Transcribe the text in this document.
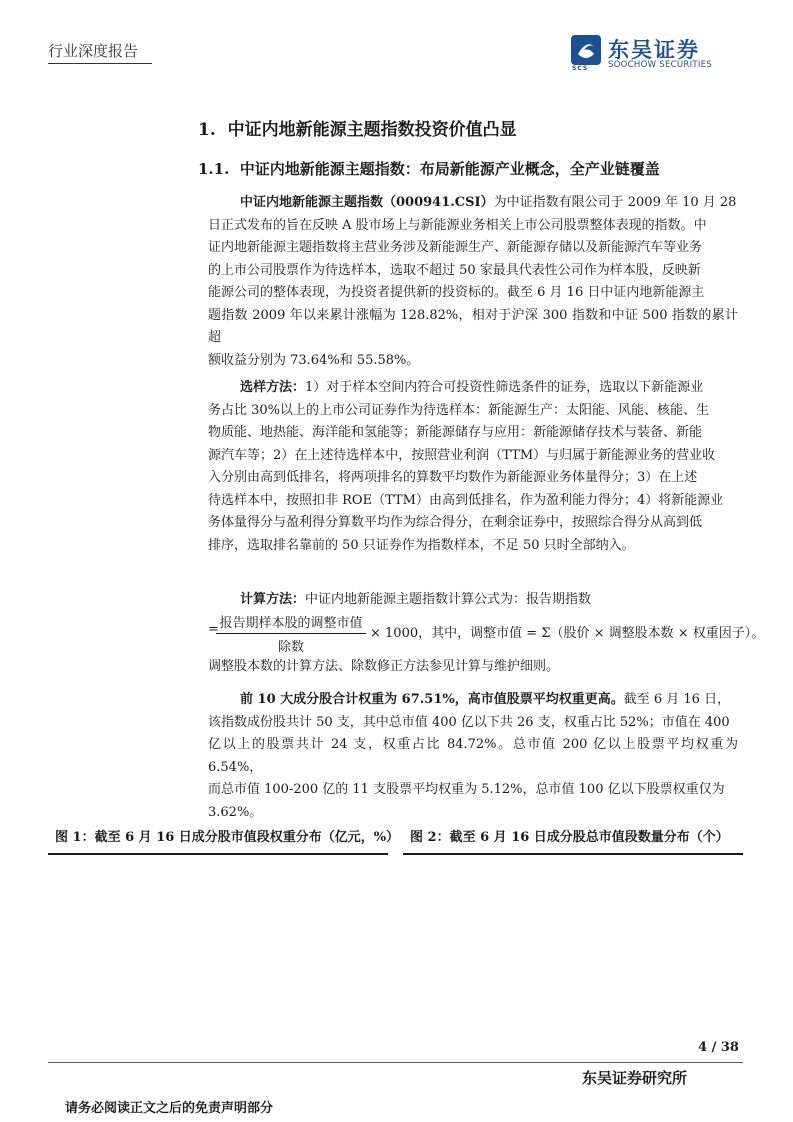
行业深度报告	东吴证券
SOOCHOW SECURITIES
SCS
1. 中证内地新能源主题指数投资价值凸显
1.1. 中证内地新能源主题指数：布局新能源产业概念，全产业链覆盖
中证内地新能源主题指数（000941.CSI）为中证指数有限公司于 2009 年 10 月 28
日正式发布的旨在反映 A 股市场上与新能源业务相关上市公司股票整体表现的指数。中
证内地新能源主题指数将主营业务涉及新能源生产、新能源存储以及新能源汽车等业务
的上市公司股票作为待选样本，选取不超过 50 家最具代表性公司作为样本股，反映新
能源公司的整体表现，为投资者提供新的投资标的。截至 6 月 16 日中证内地新能源主
题指数 2009 年以来累计涨幅为 128.82%，相对于沪深 300 指数和中证 500 指数的累计超
额收益分别为 73.64%和 55.58%。
选样方法：1）对于样本空间内符合可投资性筛选条件的证券，选取以下新能源业
务占比 30%以上的上市公司证券作为待选样本：新能源生产：太阳能、风能、核能、生
物质能、地热能、海洋能和氢能等；新能源储存与应用：新能源储存技术与装备、新能
源汽车等；2）在上述待选样本中，按照营业利润（TTM）与归属于新能源业务的营业收
入分别由高到低排名，将两项排名的算数平均数作为新能源业务体量得分；3）在上述
待选样本中，按照扣非 ROE（TTM）由高到低排名，作为盈利能力得分；4）将新能源业
务体量得分与盈利得分算数平均作为综合得分，在剩余证券中，按照综合得分从高到低
排序，选取排名靠前的 50 只证券作为指数样本，不足 50 只时全部纳入。
计算方法：中证内地新能源主题指数计算公式为：报告期指数
= 报告期样本股的调整市值
除数
× 1000，其中，调整市值 = Σ（股价 × 调整股本数 × 权重因子）。
调整股本数的计算方法、除数修正方法参见计算与维护细则。
前 10 大成分股合计权重为 67.51%，高市值股票平均权重更高。截至 6 月 16 日，
该指数成份股共计 50 支，其中总市值 400 亿以下共 26 支，权重占比 52%；市值在 400
亿以上的股票共计 24 支，权重占比 84.72%。总市值 200 亿以上股票平均权重为 6.54%，
而总市值 100-200 亿的 11 支股票平均权重为 5.12%，总市值 100 亿以下股票权重仅为
3.62%。
图 1：截至 6 月 16 日成分股市值段权重分布（亿元，%） 图 2：截至 6 月 16 日成分股总市值段数量分布（个）
4 / 38
东吴证券研究所
请务必阅读正文之后的免责声明部分
